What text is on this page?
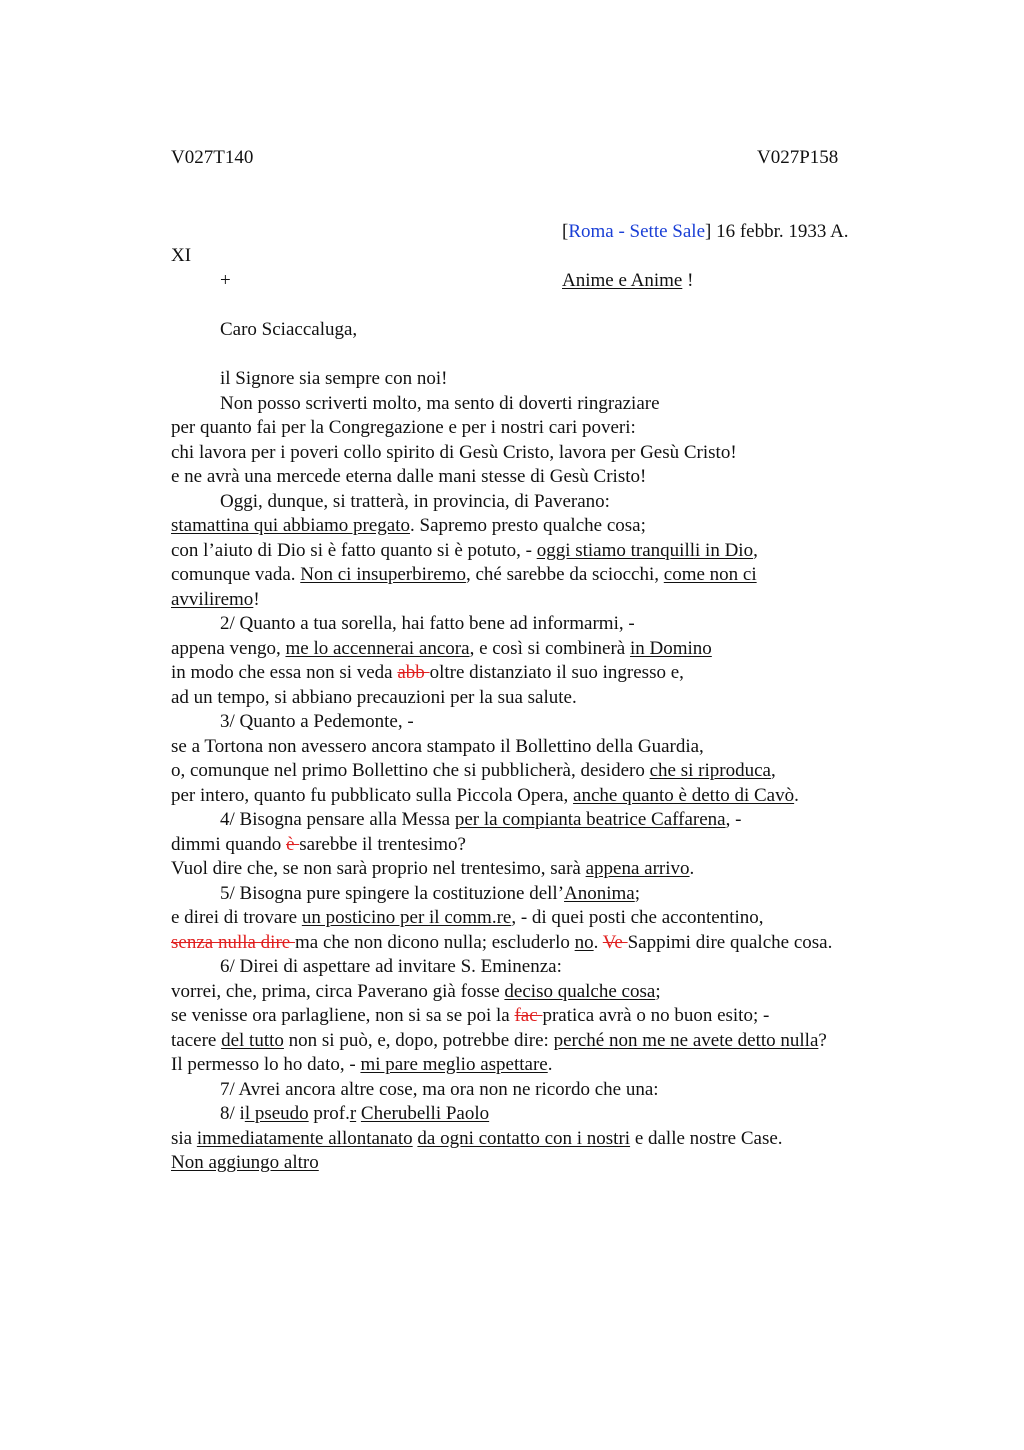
V027T140	V027P158
[Roma - Sette Sale] 16 febbr. 1933 A.
XI
+	Anime e Anime !
Caro Sciaccaluga,
il Signore sia sempre con noi!
Non posso scriverti molto, ma sento di doverti ringraziare
per quanto fai per la Congregazione e per i nostri cari poveri:
chi lavora per i poveri collo spirito di Gesù Cristo, lavora per Gesù Cristo!
e ne avrà una mercede eterna dalle mani stesse di Gesù Cristo!
Oggi, dunque, si tratterà, in provincia, di Paverano:
stamattina qui abbiamo pregato. Sapremo presto qualche cosa;
con l’aiuto di Dio si è fatto quanto si è potuto, - oggi stiamo tranquilli in Dio,
comunque vada. Non ci insuperbiremo, ché sarebbe da sciocchi, come non ci
avviliremo!
2/ Quanto a tua sorella, hai fatto bene ad informarmi, -
appena vengo, me lo accennerai ancora, e così si combinerà in Domino
in modo che essa non si veda abb oltre distanziato il suo ingresso e,
ad un tempo, si abbiano precauzioni per la sua salute.
3/ Quanto a Pedemonte, -
se a Tortona non avessero ancora stampato il Bollettino della Guardia,
o, comunque nel primo Bollettino che si pubblicherà, desidero che si riproduca,
per intero, quanto fu pubblicato sulla Piccola Opera, anche quanto è detto di Cavò.
4/ Bisogna pensare alla Messa per la compianta beatrice Caffarena, -
dimmi quando è sarebbe il trentesimo?
Vuol dire che, se non sarà proprio nel trentesimo, sarà appena arrivo.
5/ Bisogna pure spingere la costituzione dell’Anonima;
e direi di trovare un posticino per il comm.re, - di quei posti che accontentino,
senza nulla dire ma che non dicono nulla; escluderlo no. Ve Sappimi dire qualche cosa.
6/ Direi di aspettare ad invitare S. Eminenza:
vorrei, che, prima, circa Paverano già fosse deciso qualche cosa;
se venisse ora parlagliene, non si sa se poi la fac pratica avrà o no buon esito; -
tacere del tutto non si può, e, dopo, potrebbe dire: perché non me ne avete detto nulla?
Il permesso lo ho dato, - mi pare meglio aspettare.
7/ Avrei ancora altre cose, ma ora non ne ricordo che una:
8/ il pseudo prof.r Cherubelli Paolo
sia immediatamente allontanato da ogni contatto con i nostri e dalle nostre Case.
Non aggiungo altro
